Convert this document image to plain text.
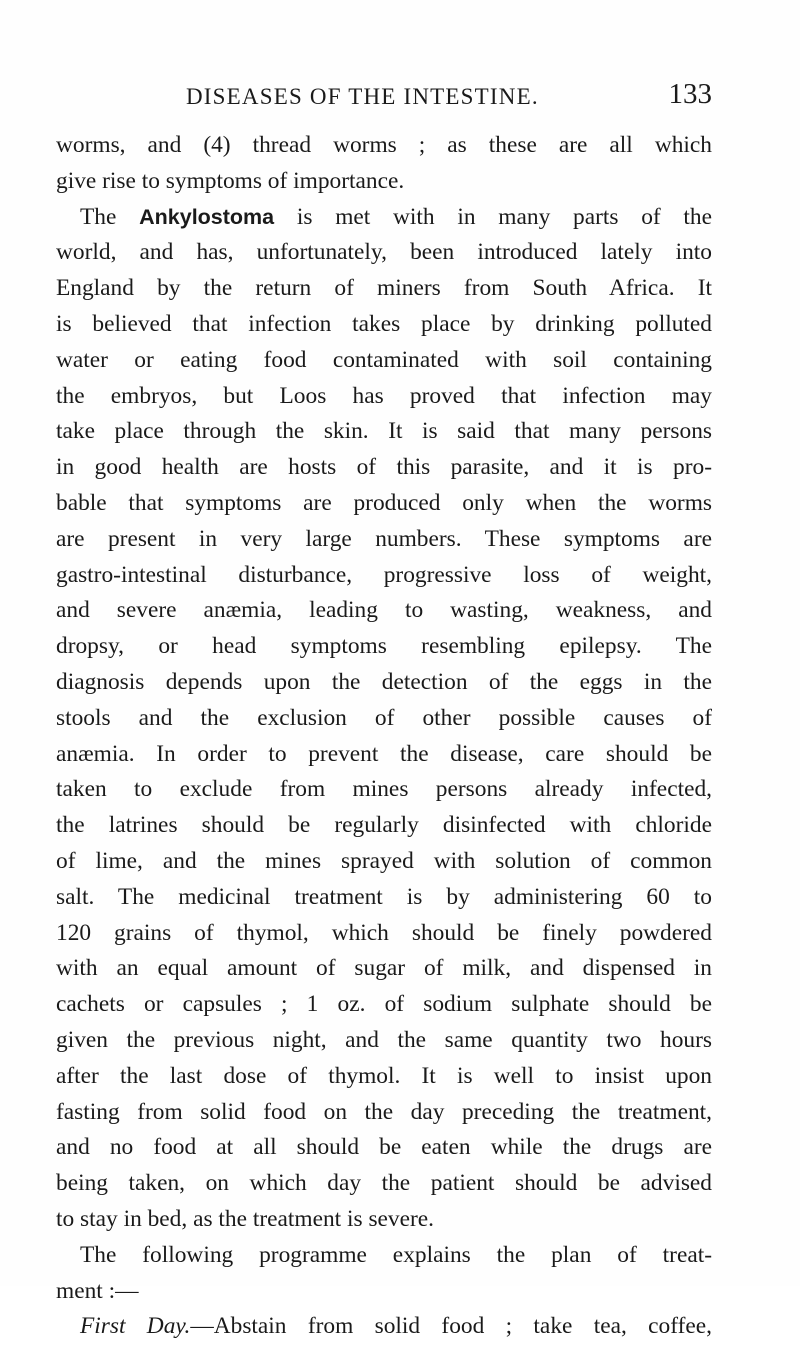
DISEASES OF THE INTESTINE.	133
worms, and (4) thread worms ; as these are all which
give rise to symptoms of importance.
The Ankylostoma is met with in many parts of the
world, and has, unfortunately, been introduced lately into
England by the return of miners from South Africa. It
is believed that infection takes place by drinking polluted
water or eating food contaminated with soil containing
the embryos, but Loos has proved that infection may
take place through the skin. It is said that many persons
in good health are hosts of this parasite, and it is pro-
bable that symptoms are produced only when the worms
are present in very large numbers. These symptoms are
gastro-intestinal disturbance, progressive loss of weight,
and severe anæmia, leading to wasting, weakness, and
dropsy, or head symptoms resembling epilepsy. The
diagnosis depends upon the detection of the eggs in the
stools and the exclusion of other possible causes of
anæmia. In order to prevent the disease, care should be
taken to exclude from mines persons already infected,
the latrines should be regularly disinfected with chloride
of lime, and the mines sprayed with solution of common
salt. The medicinal treatment is by administering 60 to
120 grains of thymol, which should be finely powdered
with an equal amount of sugar of milk, and dispensed in
cachets or capsules ; 1 oz. of sodium sulphate should be
given the previous night, and the same quantity two hours
after the last dose of thymol. It is well to insist upon
fasting from solid food on the day preceding the treatment,
and no food at all should be eaten while the drugs are
being taken, on which day the patient should be advised
to stay in bed, as the treatment is severe.
The following programme explains the plan of treat-
ment :—
First Day.—Abstain from solid food ; take tea, coffee,
